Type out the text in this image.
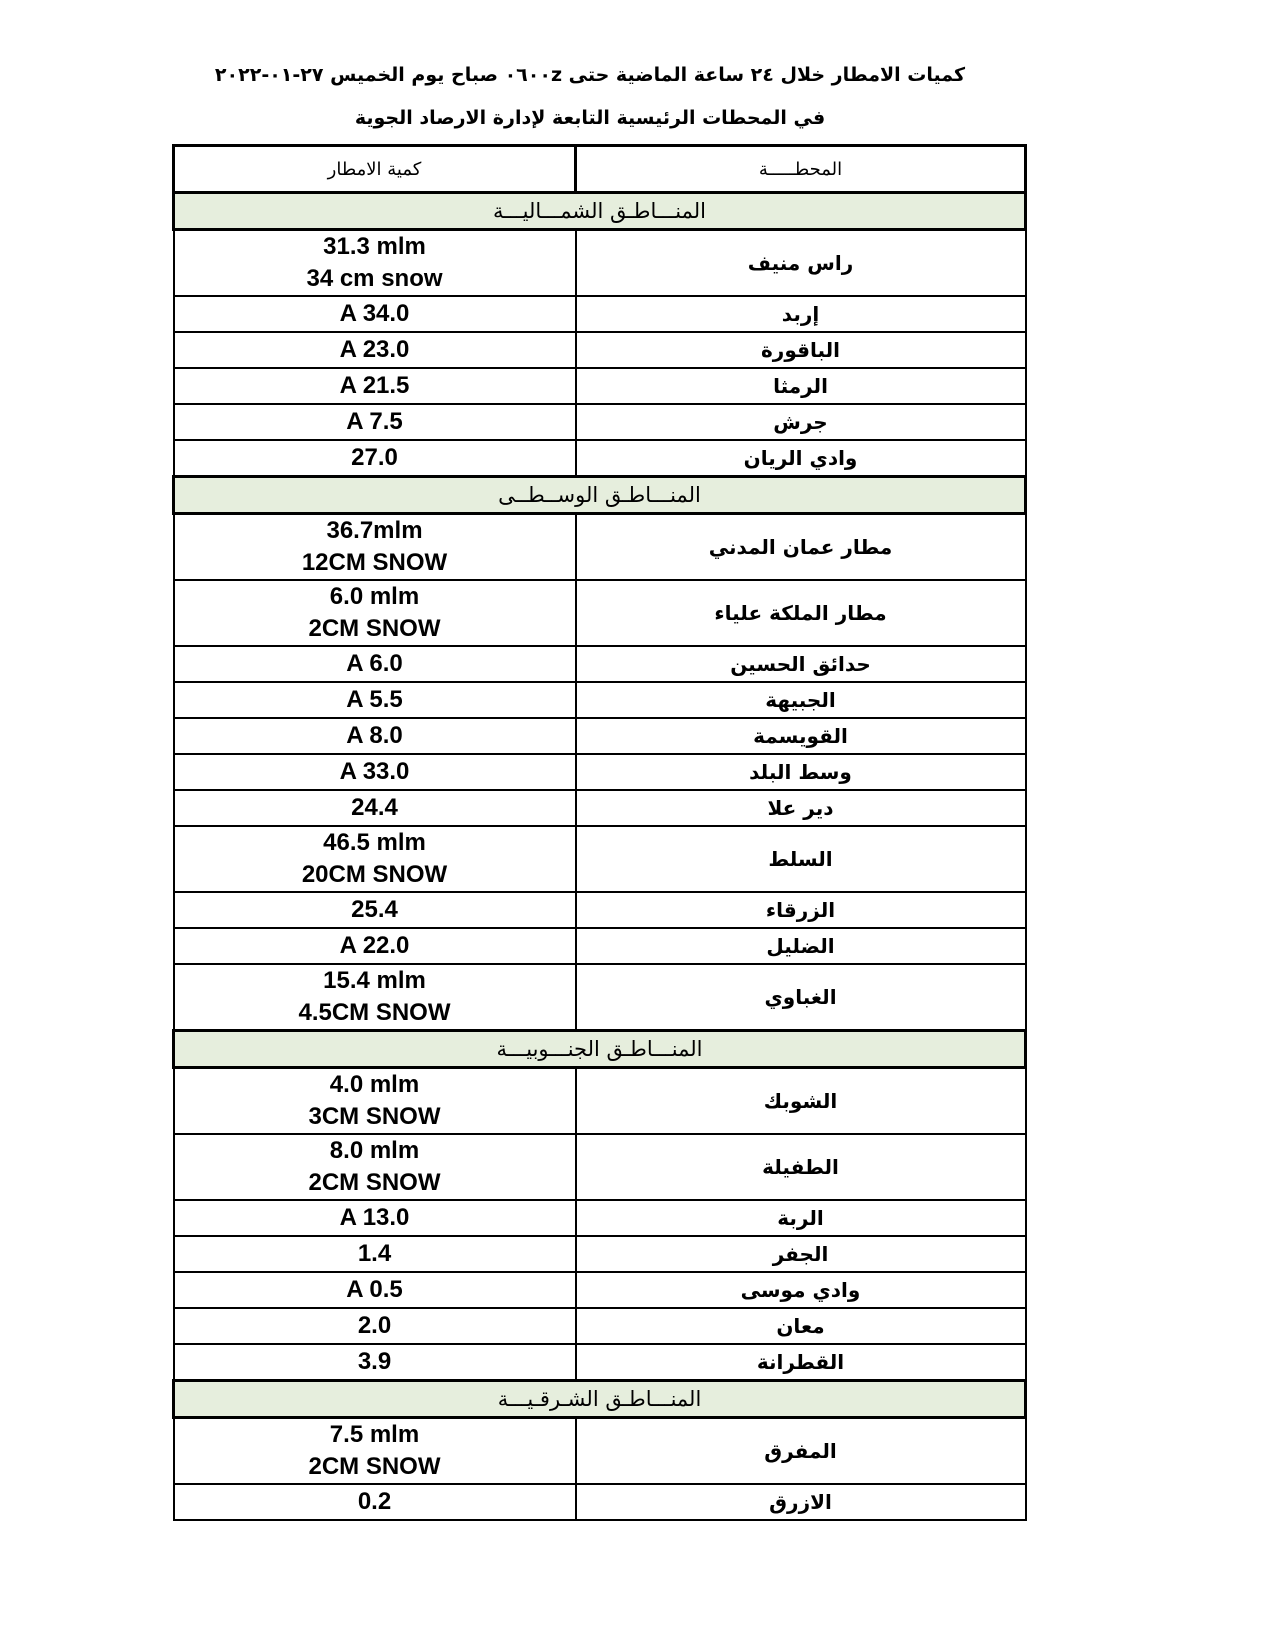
كميات الامطار خلال ٢٤ ساعة الماضية حتى ٠٦٠٠z صباح يوم الخميس ٢٧-٠١-٢٠٢٢
في المحطات الرئيسية التابعة لإدارة الارصاد الجوية
كمية الامطار	المحطـــــة
المنـــاطـق الشمـــاليـــة	

31.3 mlm
34 cm snow	راس منيف

A 34.0	إربد

A 23.0	الباقورة

A 21.5	الرمثا

A 7.5	جرش

27.0	وادي الريان
المنـــاطـق الوســطــى	

36.7mlm
12CM SNOW	مطار عمان المدني

6.0 mlm
2CM SNOW	مطار الملكة علياء

A 6.0	حدائق الحسين

A 5.5	الجبيهة

A 8.0	القويسمة

A 33.0	وسط البلد

24.4	دير علا

46.5 mlm
20CM SNOW	السلط

25.4	الزرقاء

A 22.0	الضليل

15.4 mlm
4.5CM SNOW	الغباوي
المنـــاطـق الجنـــوبيـــة	

4.0 mlm
3CM SNOW	الشوبك

8.0 mlm
2CM SNOW	الطفيلة

A 13.0	الربة

1.4	الجفر

A 0.5	وادي موسى

2.0	معان

3.9	القطرانة
المنـــاطـق الشـرقـيـــة	

7.5 mlm
2CM SNOW	المفرق

0.2	الازرق
